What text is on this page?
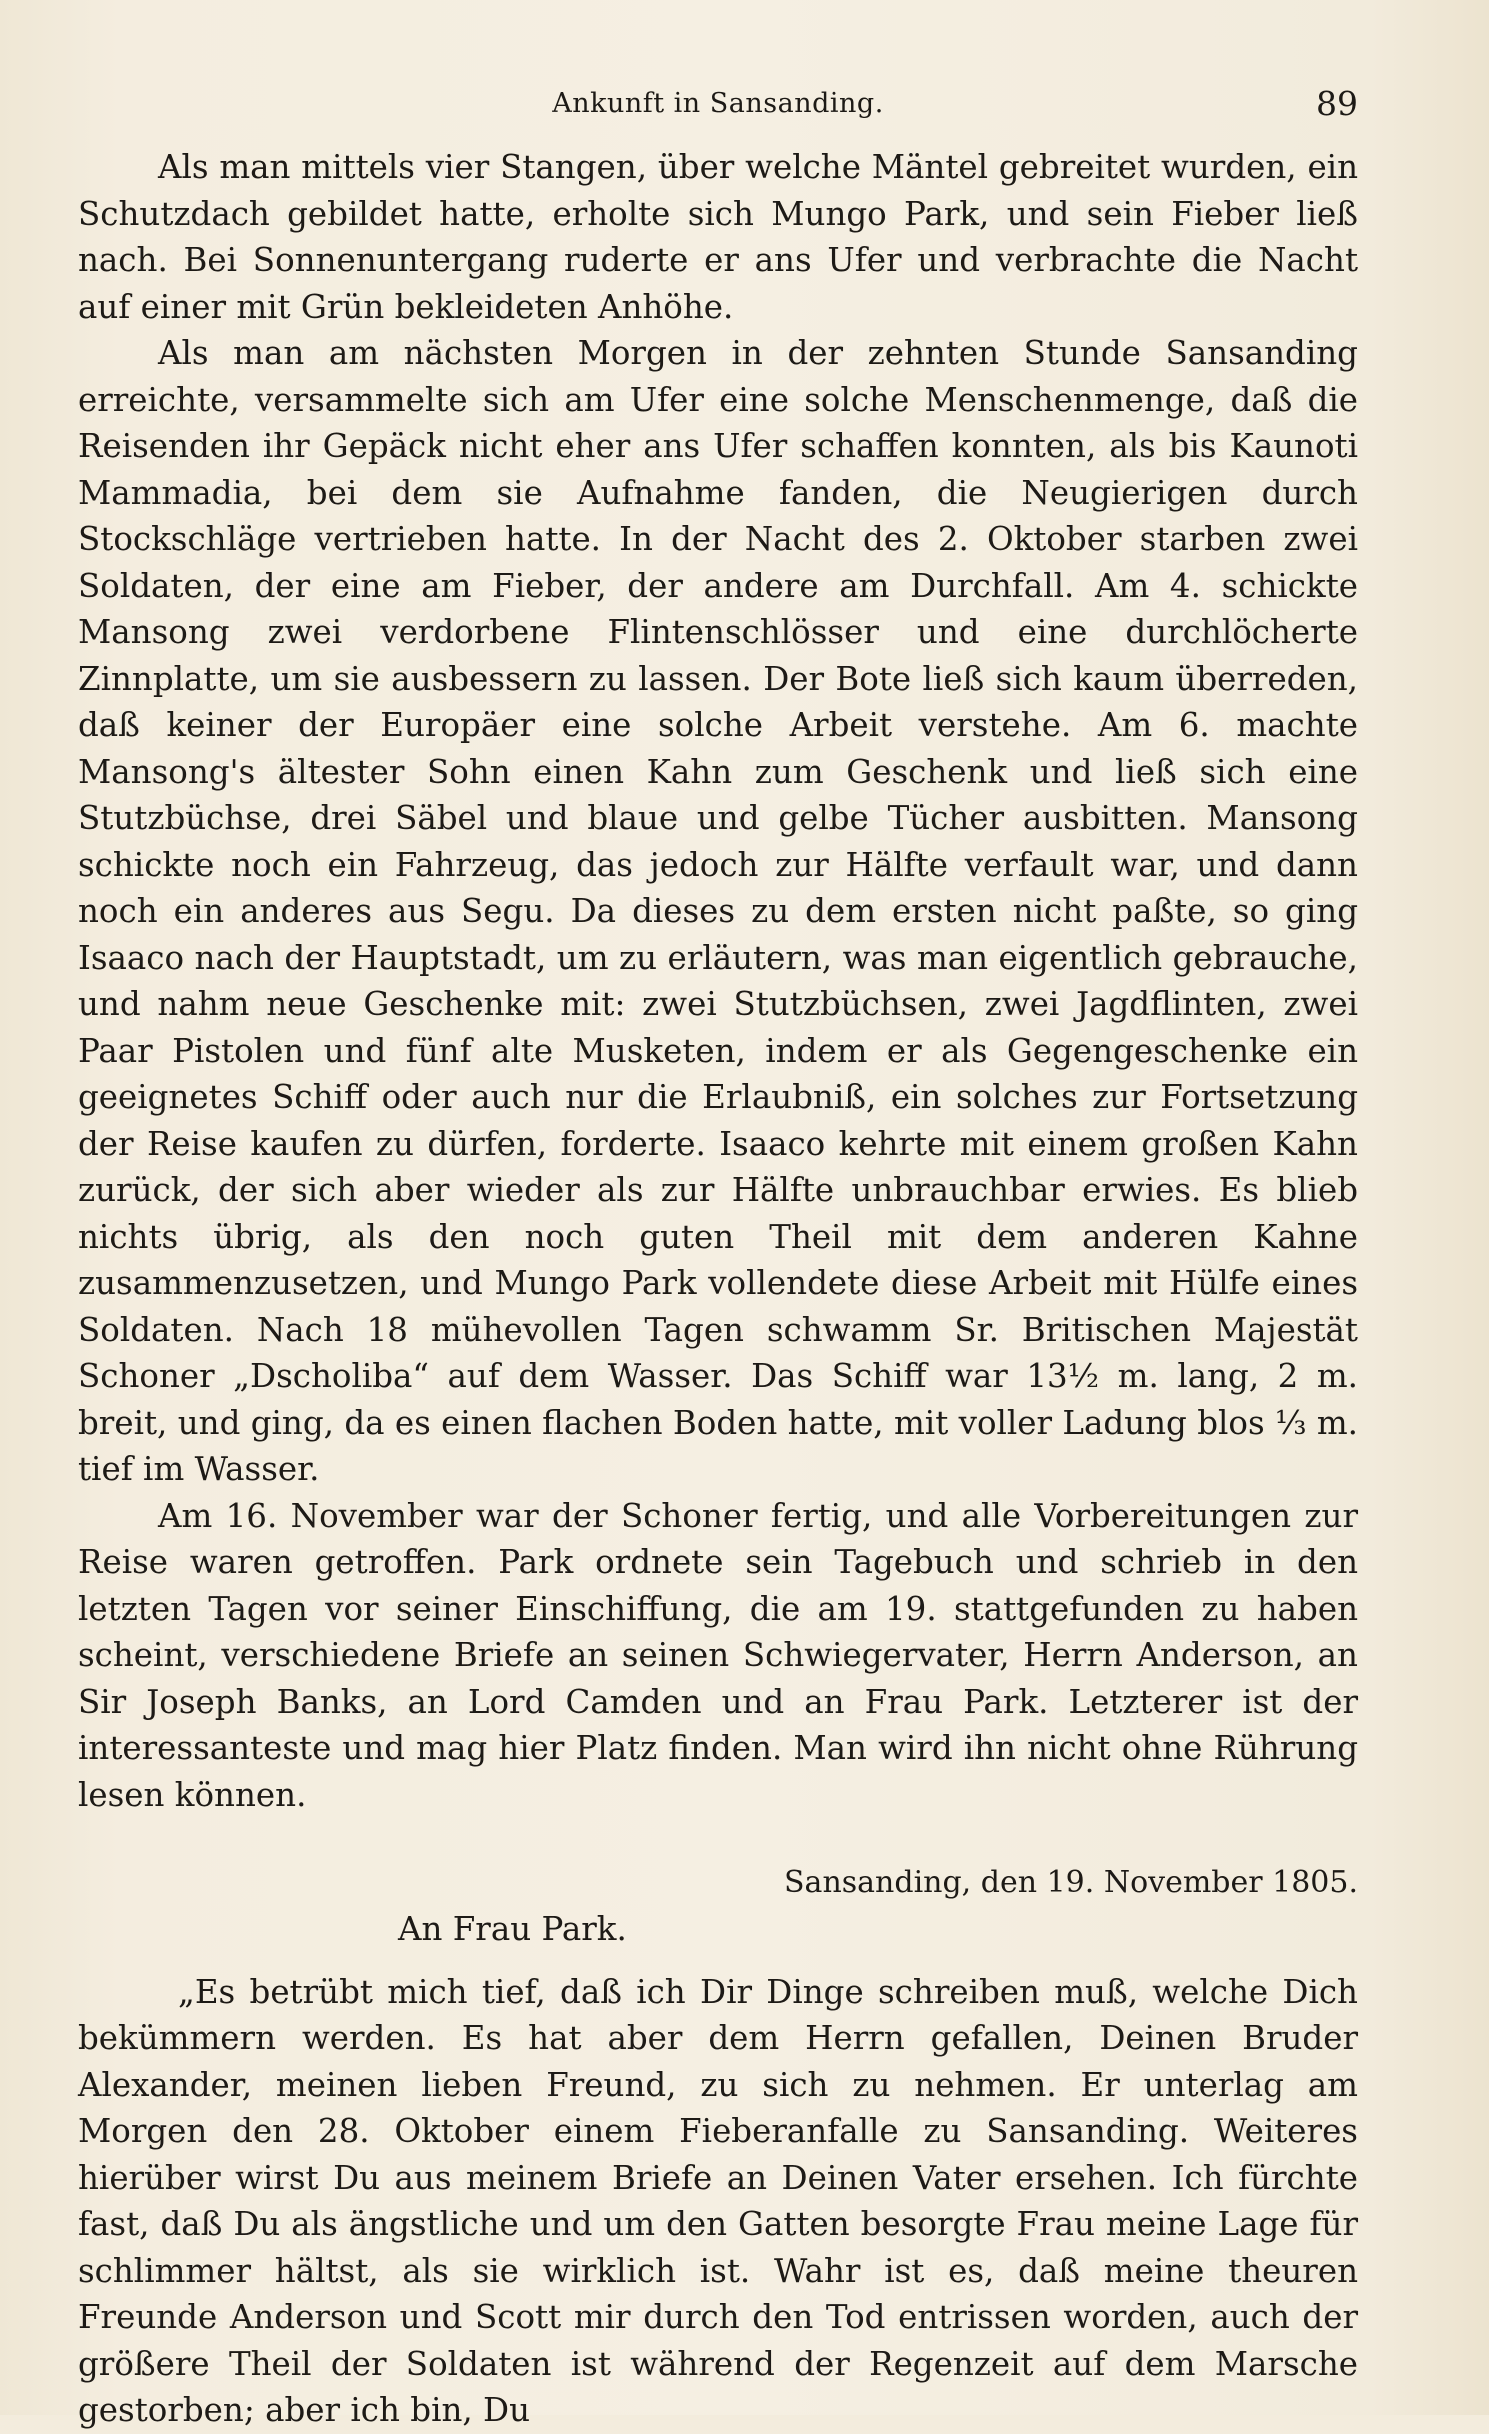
Ankunft in Sansanding.	89

Als man mittels vier Stangen, über welche Mäntel gebreitet wurden, ein Schutzdach gebildet hatte, erholte sich Mungo Park, und sein Fieber ließ nach. Bei Sonnenuntergang ruderte er ans Ufer und verbrachte die Nacht auf einer mit Grün bekleideten Anhöhe.

Als man am nächsten Morgen in der zehnten Stunde Sansanding erreichte, versammelte sich am Ufer eine solche Menschenmenge, daß die Reisenden ihr Gepäck nicht eher ans Ufer schaffen konnten, als bis Kaunoti Mammadia, bei dem sie Aufnahme fanden, die Neugierigen durch Stockschläge vertrieben hatte. In der Nacht des 2. Oktober starben zwei Soldaten, der eine am Fieber, der andere am Durchfall. Am 4. schickte Mansong zwei verdorbene Flintenschlösser und eine durchlöcherte Zinnplatte, um sie ausbessern zu lassen. Der Bote ließ sich kaum überreden, daß keiner der Europäer eine solche Arbeit verstehe. Am 6. machte Mansong's ältester Sohn einen Kahn zum Geschenk und ließ sich eine Stutzbüchse, drei Säbel und blaue und gelbe Tücher ausbitten. Mansong schickte noch ein Fahrzeug, das jedoch zur Hälfte verfault war, und dann noch ein anderes aus Segu. Da dieses zu dem ersten nicht paßte, so ging Isaaco nach der Hauptstadt, um zu erläutern, was man eigentlich gebrauche, und nahm neue Geschenke mit: zwei Stutzbüchsen, zwei Jagdflinten, zwei Paar Pistolen und fünf alte Musketen, indem er als Gegengeschenke ein geeignetes Schiff oder auch nur die Erlaubniß, ein solches zur Fortsetzung der Reise kaufen zu dürfen, forderte. Isaaco kehrte mit einem großen Kahn zurück, der sich aber wieder als zur Hälfte unbrauchbar erwies. Es blieb nichts übrig, als den noch guten Theil mit dem anderen Kahne zusammenzusetzen, und Mungo Park vollendete diese Arbeit mit Hülfe eines Soldaten. Nach 18 mühevollen Tagen schwamm Sr. Britischen Majestät Schoner „Dscholiba“ auf dem Wasser. Das Schiff war 13½ m. lang, 2 m. breit, und ging, da es einen flachen Boden hatte, mit voller Ladung blos ⅓ m. tief im Wasser.

Am 16. November war der Schoner fertig, und alle Vorbereitungen zur Reise waren getroffen. Park ordnete sein Tagebuch und schrieb in den letzten Tagen vor seiner Einschiffung, die am 19. stattgefunden zu haben scheint, verschiedene Briefe an seinen Schwiegervater, Herrn Anderson, an Sir Joseph Banks, an Lord Camden und an Frau Park. Letzterer ist der interessanteste und mag hier Platz finden. Man wird ihn nicht ohne Rührung lesen können.

Sansanding, den 19. November 1805.
An Frau Park.

„Es betrübt mich tief, daß ich Dir Dinge schreiben muß, welche Dich bekümmern werden. Es hat aber dem Herrn gefallen, Deinen Bruder Alexander, meinen lieben Freund, zu sich zu nehmen. Er unterlag am Morgen den 28. Oktober einem Fieberanfalle zu Sansanding. Weiteres hierüber wirst Du aus meinem Briefe an Deinen Vater ersehen. Ich fürchte fast, daß Du als ängstliche und um den Gatten besorgte Frau meine Lage für schlimmer hältst, als sie wirklich ist. Wahr ist es, daß meine theuren Freunde Anderson und Scott mir durch den Tod entrissen worden, auch der größere Theil der Soldaten ist während der Regenzeit auf dem Marsche gestorben; aber ich bin, Du
